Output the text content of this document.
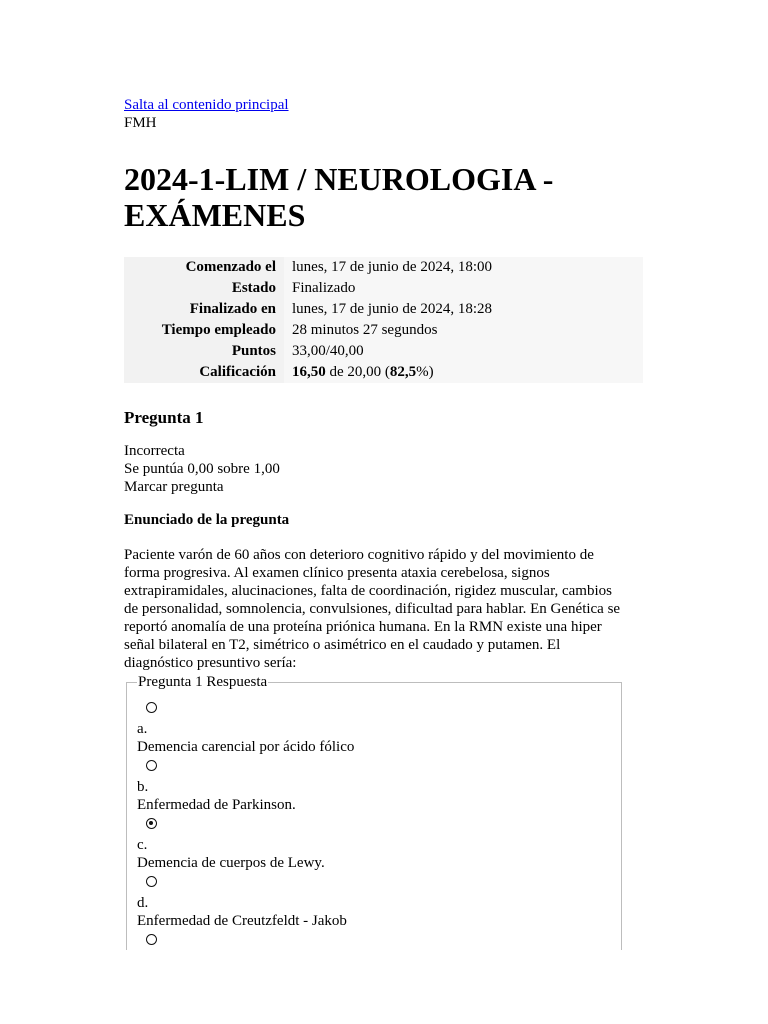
Salta al contenido principal
FMH
2024-1-LIM / NEUROLOGIA - EXÁMENES
Comenzado el	lunes, 17 de junio de 2024, 18:00
Estado	Finalizado
Finalizado en	lunes, 17 de junio de 2024, 18:28
Tiempo empleado	28 minutos 27 segundos
Puntos	33,00/40,00
Calificación	16,50 de 20,00 (82,5%)
Pregunta 1
Incorrecta
Se puntúa 0,00 sobre 1,00
Marcar pregunta
Enunciado de la pregunta
Paciente varón de 60 años con deterioro cognitivo rápido y del movimiento de forma progresiva. Al examen clínico presenta ataxia cerebelosa, signos extrapiramidales, alucinaciones, falta de coordinación, rigidez muscular, cambios de personalidad, somnolencia, convulsiones, dificultad para hablar. En Genética se reportó anomalía de una proteína priónica humana. En la RMN existe una hiper señal bilateral en T2, simétrico o asimétrico en el caudado y putamen. El diagnóstico presuntivo sería:
Pregunta 1 Respuesta
a.
Demencia carencial por ácido fólico
b.
Enfermedad de Parkinson.
c.
Demencia de cuerpos de Lewy.
d.
Enfermedad de Creutzfeldt - Jakob
